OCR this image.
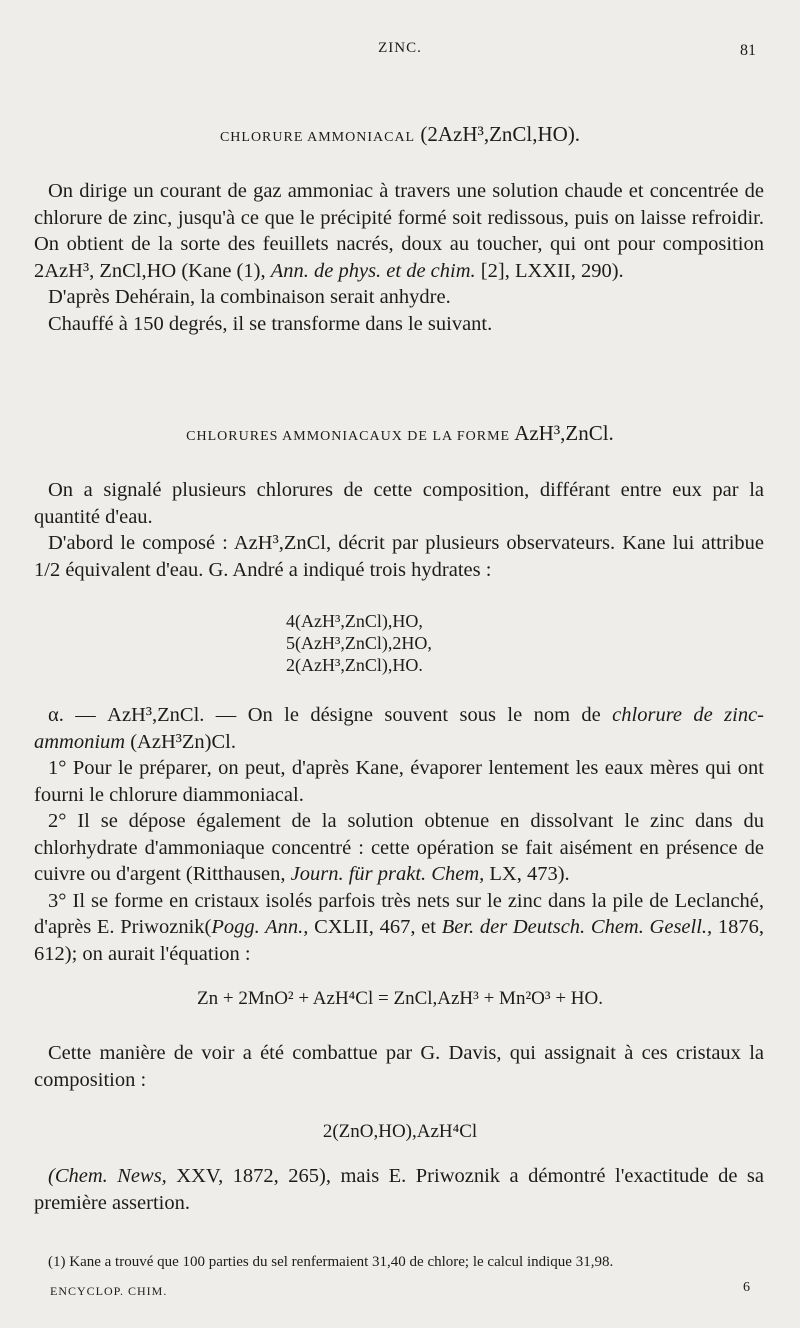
ZINC.	81
CHLORURE AMMONIACAL (2AzH³,ZnCl,HO).

On dirige un courant de gaz ammoniac à travers une solution chaude et concentrée de chlorure de zinc, jusqu'à ce que le précipité formé soit redissous, puis on laisse refroidir. On obtient de la sorte des feuillets nacrés, doux au toucher, qui ont pour composition 2AzH³, ZnCl,HO (Kane (1), Ann. de phys. et de chim. [2], LXXII, 290).

D'après Dehérain, la combinaison serait anhydre.

Chauffé à 150 degrés, il se transforme dans le suivant.

CHLORURES AMMONIACAUX DE LA FORME AzH³,ZnCl.

On a signalé plusieurs chlorures de cette composition, différant entre eux par la quantité d'eau.

D'abord le composé : AzH³,ZnCl, décrit par plusieurs observateurs. Kane lui attribue 1/2 équivalent d'eau. G. André a indiqué trois hydrates :

4(AzH³,ZnCl),HO,
5(AzH³,ZnCl),2HO,
2(AzH³,ZnCl),HO.

α. — AzH³,ZnCl. — On le désigne souvent sous le nom de chlorure de zinc-ammonium (AzH³Zn)Cl.

1° Pour le préparer, on peut, d'après Kane, évaporer lentement les eaux mères qui ont fourni le chlorure diammoniacal.

2° Il se dépose également de la solution obtenue en dissolvant le zinc dans du chlorhydrate d'ammoniaque concentré : cette opération se fait aisément en présence de cuivre ou d'argent (Ritthausen, Journ. für prakt. Chem, LX, 473).

3° Il se forme en cristaux isolés parfois très nets sur le zinc dans la pile de Leclanché, d'après E. Priwoznik(Pogg. Ann., CXLII, 467, et Ber. der Deutsch. Chem. Gesell., 1876, 612); on aurait l'équation :

Zn + 2MnO² + AzH⁴Cl = ZnCl,AzH³ + Mn²O³ + HO.

Cette manière de voir a été combattue par G. Davis, qui assignait à ces cristaux la composition :

2(ZnO,HO),AzH⁴Cl

(Chem. News, XXV, 1872, 265), mais E. Priwoznik a démontré l'exactitude de sa première assertion.

(1) Kane a trouvé que 100 parties du sel renfermaient 31,40 de chlore; le calcul indique 31,98.
ENCYCLOP. CHIM.	6
